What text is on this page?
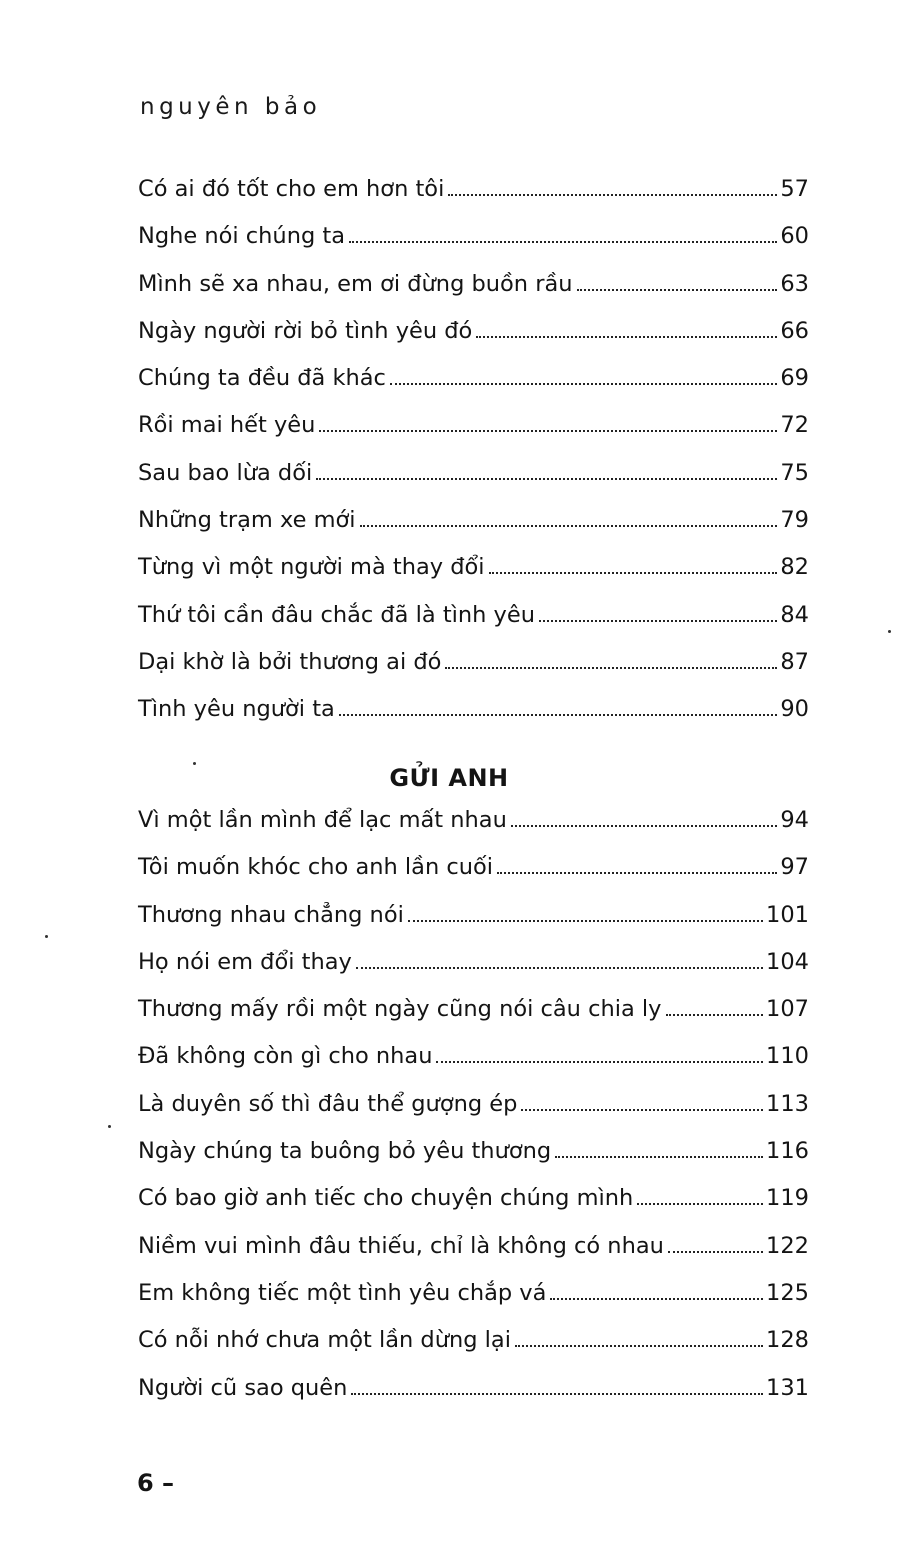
nguyên bảo
Có ai đó tốt cho em hơn tôi	57
Nghe nói chúng ta	60
Mình sẽ xa nhau, em ơi đừng buồn rầu	63
Ngày người rời bỏ tình yêu đó	66
Chúng ta đều đã khác	69
Rồi mai hết yêu	72
Sau bao lừa dối	75
Những trạm xe mới	79
Từng vì một người mà thay đổi	82
Thứ tôi cần đâu chắc đã là tình yêu	84
Dại khờ là bởi thương ai đó	87
Tình yêu người ta	90
GỬI ANH
Vì một lần mình để lạc mất nhau	94
Tôi muốn khóc cho anh lần cuối	97
Thương nhau chẳng nói	101
Họ nói em đổi thay	104
Thương mấy rồi một ngày cũng nói câu chia ly	107
Đã không còn gì cho nhau	110
Là duyên số thì đâu thể gượng ép	113
Ngày chúng ta buông bỏ yêu thương	116
Có bao giờ anh tiếc cho chuyện chúng mình	119
Niềm vui mình đâu thiếu, chỉ là không có nhau	122
Em không tiếc một tình yêu chắp vá	125
Có nỗi nhớ chưa một lần dừng lại	128
Người cũ sao quên	131
6 –
